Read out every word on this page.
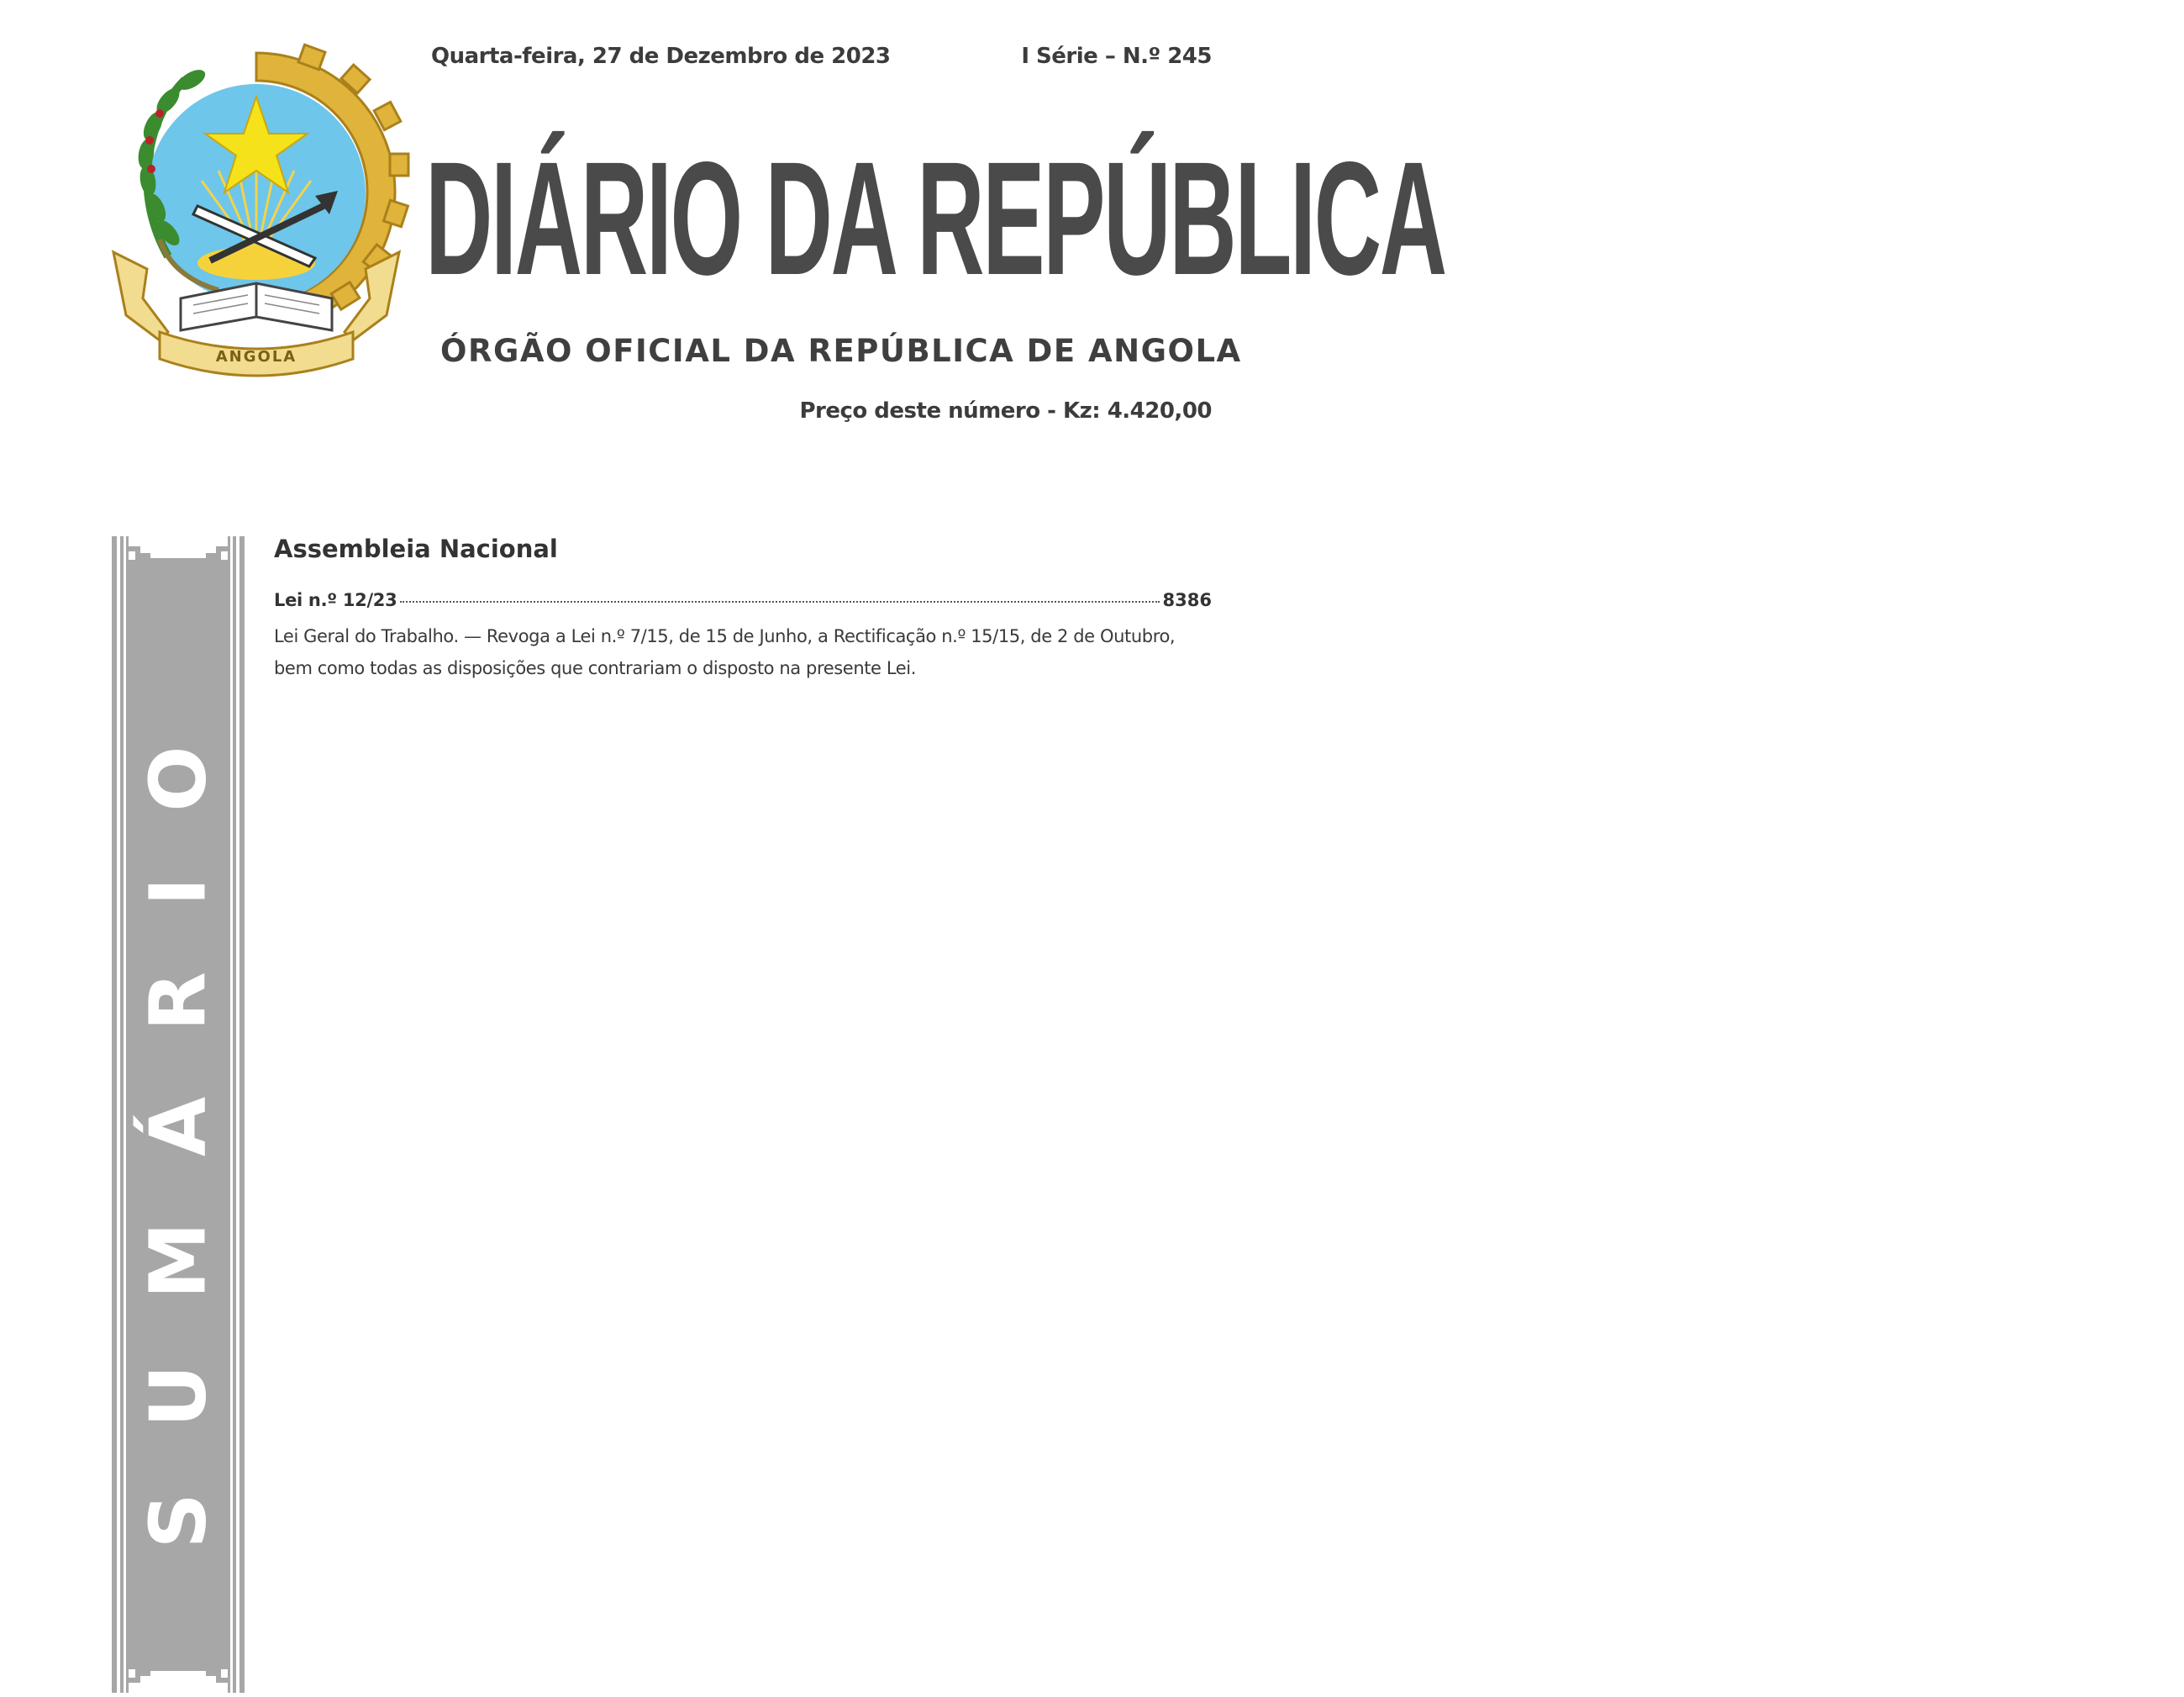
ANGOLA
Quarta-feira, 27 de Dezembro de 2023	I Série – N.º 245
DIÁRIO DA REPÚBLICA
ÓRGÃO OFICIAL DA REPÚBLICA DE ANGOLA
Preço deste número - Kz: 4.420,00
SUMÁRIO
Assembleia Nacional
Lei n.º 12/23	8386
Lei Geral do Trabalho. — Revoga a Lei n.º 7/15, de 15 de Junho, a Rectificação n.º 15/15, de 2 de Outubro, bem como todas as disposições que contrariam o disposto na presente Lei.
